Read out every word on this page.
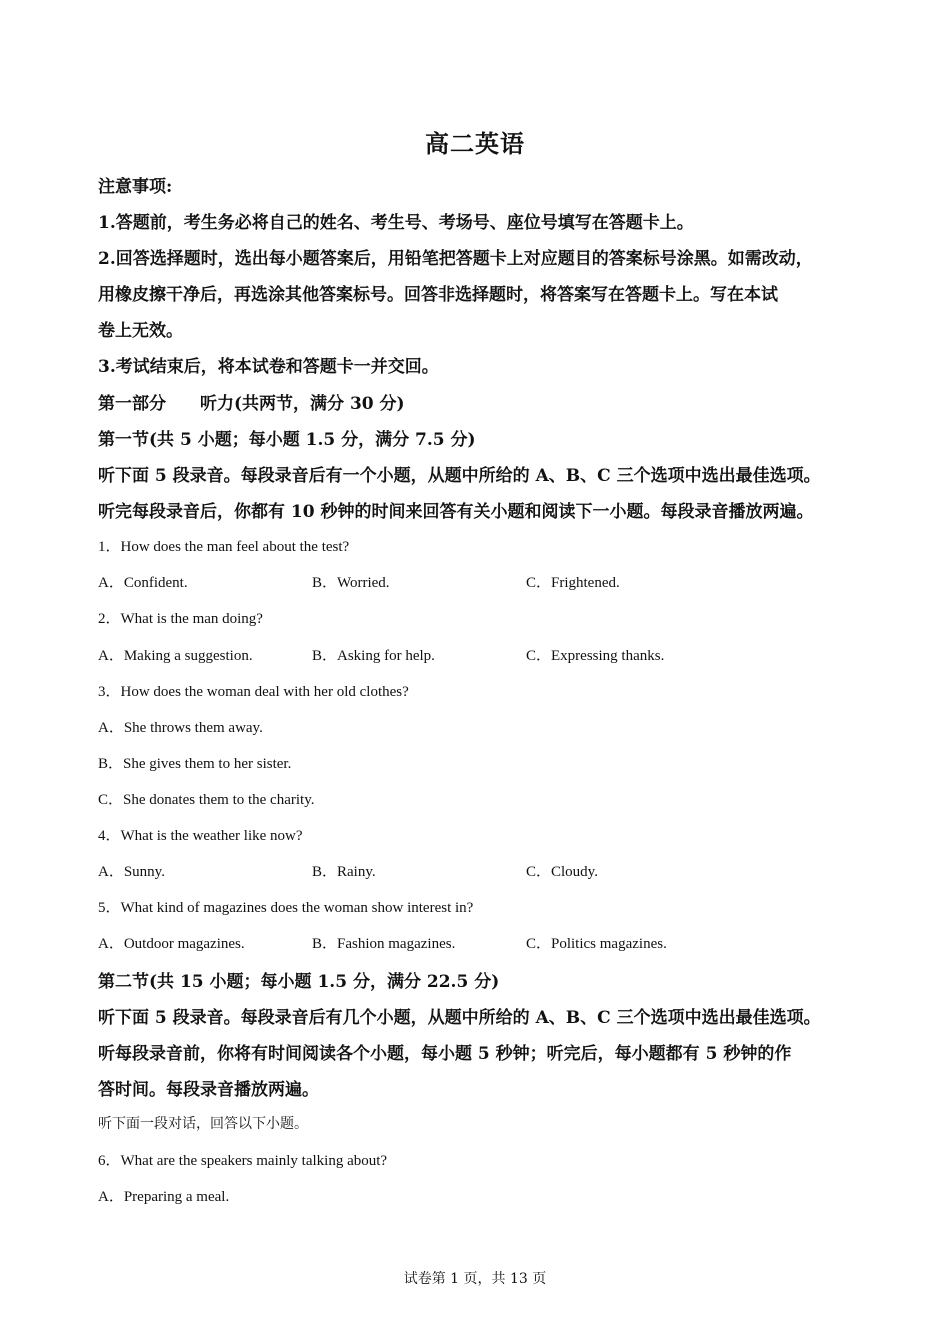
高二英语
注意事项:
1.答题前，考生务必将自己的姓名、考生号、考场号、座位号填写在答题卡上。
2.回答选择题时，选出每小题答案后，用铅笔把答题卡上对应题目的答案标号涂黑。如需改动，
用橡皮擦干净后，再选涂其他答案标号。回答非选择题时，将答案写在答题卡上。写在本试
卷上无效。
3.考试结束后，将本试卷和答题卡一并交回。
第一部分　　听力(共两节，满分 30 分)
第一节(共 5 小题；每小题 1.5 分，满分 7.5 分)
听下面 5 段录音。每段录音后有一个小题，从题中所给的 A、B、C 三个选项中选出最佳选项。
听完每段录音后，你都有 10 秒钟的时间来回答有关小题和阅读下一小题。每段录音播放两遍。
1．How does the man feel about the test?
A．Confident.	B．Worried.	C．Frightened.
2．What is the man doing?
A．Making a suggestion.	B．Asking for help.	C．Expressing thanks.
3．How does the woman deal with her old clothes?
A．She throws them away.
B．She gives them to her sister.
C．She donates them to the charity.
4．What is the weather like now?
A．Sunny.	B．Rainy.	C．Cloudy.
5．What kind of magazines does the woman show interest in?
A．Outdoor magazines.	B．Fashion magazines.	C．Politics magazines.
第二节(共 15 小题；每小题 1.5 分，满分 22.5 分)
听下面 5 段录音。每段录音后有几个小题，从题中所给的 A、B、C 三个选项中选出最佳选项。
听每段录音前，你将有时间阅读各个小题，每小题 5 秒钟；听完后，每小题都有 5 秒钟的作
答时间。每段录音播放两遍。
听下面一段对话，回答以下小题。
6．What are the speakers mainly talking about?
A．Preparing a meal.
试卷第 1 页，共 13 页
